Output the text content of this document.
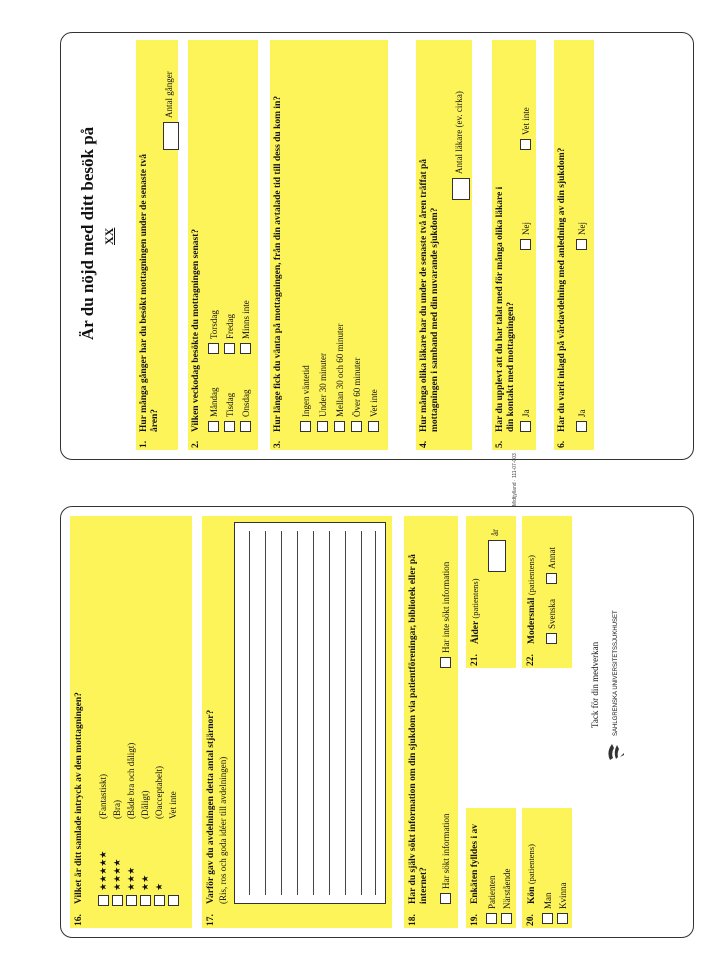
Är du nöjd med ditt besök på XX
1.
Hur många gånger har du besökt mottagningen under de senaste två åren?
Antal gånger
2.
Vilken veckodag besökte du mottagningen senast? Måndag Tisdag Onsdag
Torsdag Fredag Minns inte
3.
Hur länge fick du vänta på mottagningen, från din avtalade tid till dess du kom in? Ingen väntetid Under 30 minuter Mellan 30 och 60 minuter Över 60 minuter Vet inte
4.
Hur många olika läkare har du under de senaste två åren träffat på mottagningen i samband med din nuvarande sjukdom?
Antal läkare (ev. cirka)
5.
Har du upplevt att du har talat med för många olika läkare i din kontakt med mottagningen? Ja
Nej
Vet inte
6.
Har du varit inlagd på vårdavdelning med anledning av din sjukdom? Ja
Nej
16.
Vilket är ditt samlade intryck av den mottagningen? ★★★★★
(Fantastiskt)
★★★★
(Bra)
★★★
(Både bra och dåligt)
★★
(Dåligt)
★
(Oacceptabelt) Vet inte
17.
Varför gav du avdelningen detta antal stjärnor? (Ris, ros och goda idéer till avdelningen)
18.
Har du själv sökt information om din sjukdom via patientföreningar, bibliotek eller på internet? Har sökt information
Har inte sökt information
19.
Enkäten fylldes i av Patienten Närstående
20.
Kön (patientens)
Man Kvinna
21.
Ålder (patientens)
år
22.
Modersmål (patientens)
Svenska
Annat
Tack för din medverkan SAHLGRENSKA UNIVERSITETSSJUKHUSET
